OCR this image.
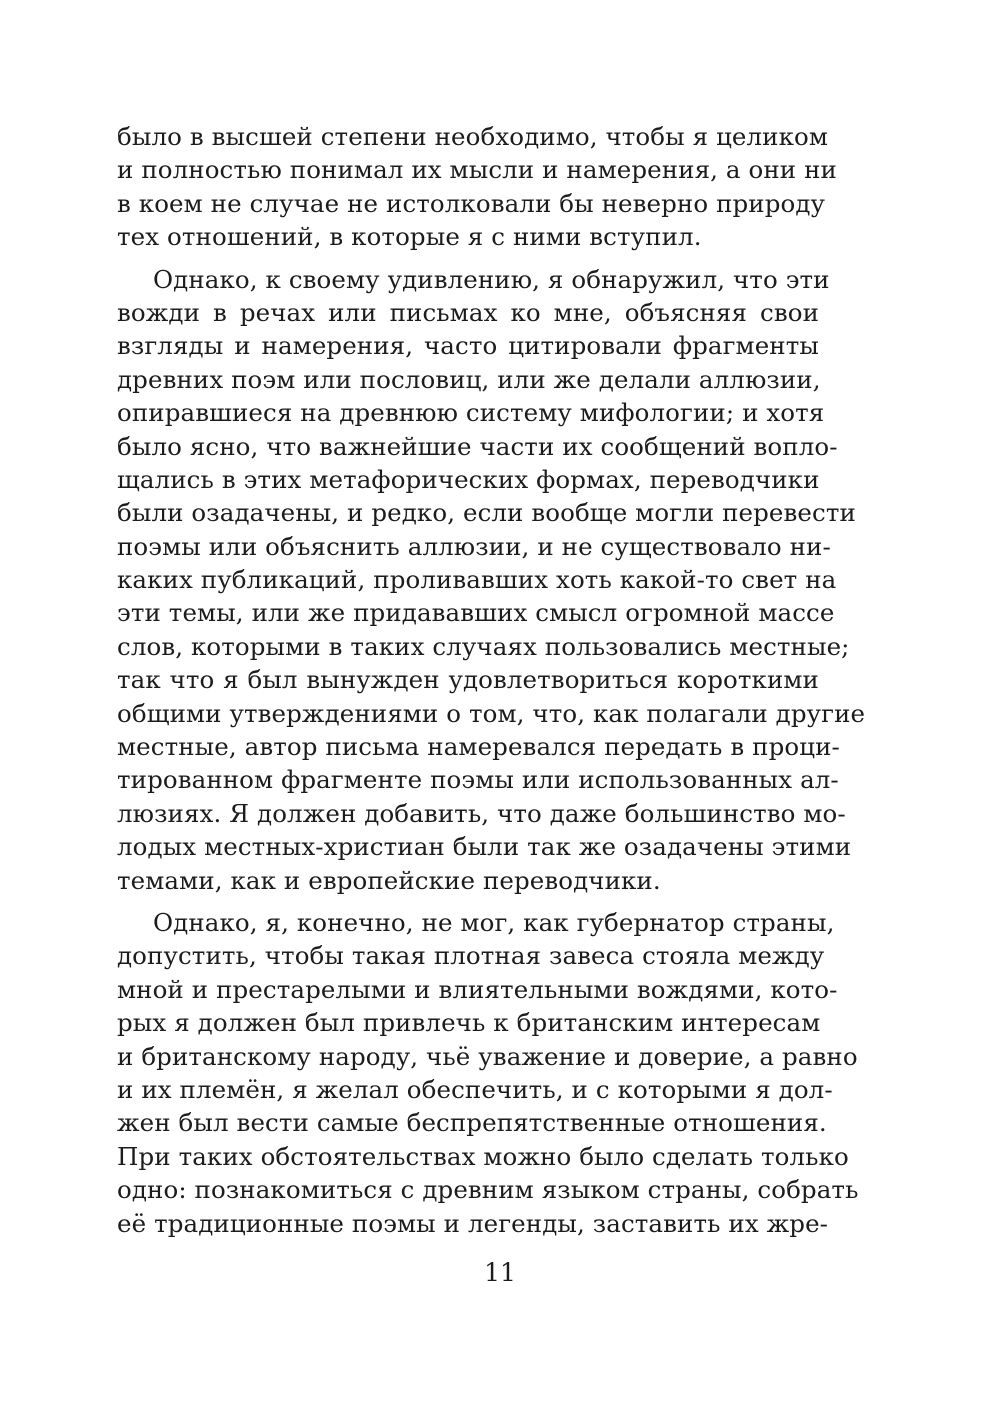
было в высшей степени необходимо, чтобы я целиком
и полностью понимал их мысли и намерения, а они ни
в коем не случае не истолковали бы неверно природу
тех отношений, в которые я с ними вступил.
Однако, к своему удивлению, я обнаружил, что эти
вожди в речах или письмах ко мне, объясняя свои
взгляды и намерения, часто цитировали фрагменты
древних поэм или пословиц, или же делали аллюзии,
опиравшиеся на древнюю систему мифологии; и хотя
было ясно, что важнейшие части их сообщений вопло-
щались в этих метафорических формах, переводчики
были озадачены, и редко, если вообще могли перевести
поэмы или объяснить аллюзии, и не существовало ни-
каких публикаций, проливавших хоть какой-то свет на
эти темы, или же придававших смысл огромной массе
слов, которыми в таких случаях пользовались местные;
так что я был вынужден удовлетвориться короткими
общими утверждениями о том, что, как полагали другие
местные, автор письма намеревался передать в проци-
тированном фрагменте поэмы или использованных ал-
люзиях. Я должен добавить, что даже большинство мо-
лодых местных-христиан были так же озадачены этими
темами, как и европейские переводчики.
Однако, я, конечно, не мог, как губернатор страны,
допустить, чтобы такая плотная завеса стояла между
мной и престарелыми и влиятельными вождями, кото-
рых я должен был привлечь к британским интересам
и британскому народу, чьё уважение и доверие, а равно
и их племён, я желал обеспечить, и с которыми я дол-
жен был вести самые беспрепятственные отношения.
При таких обстоятельствах можно было сделать только
одно: познакомиться с древним языком страны, собрать
её традиционные поэмы и легенды, заставить их жре-
11
